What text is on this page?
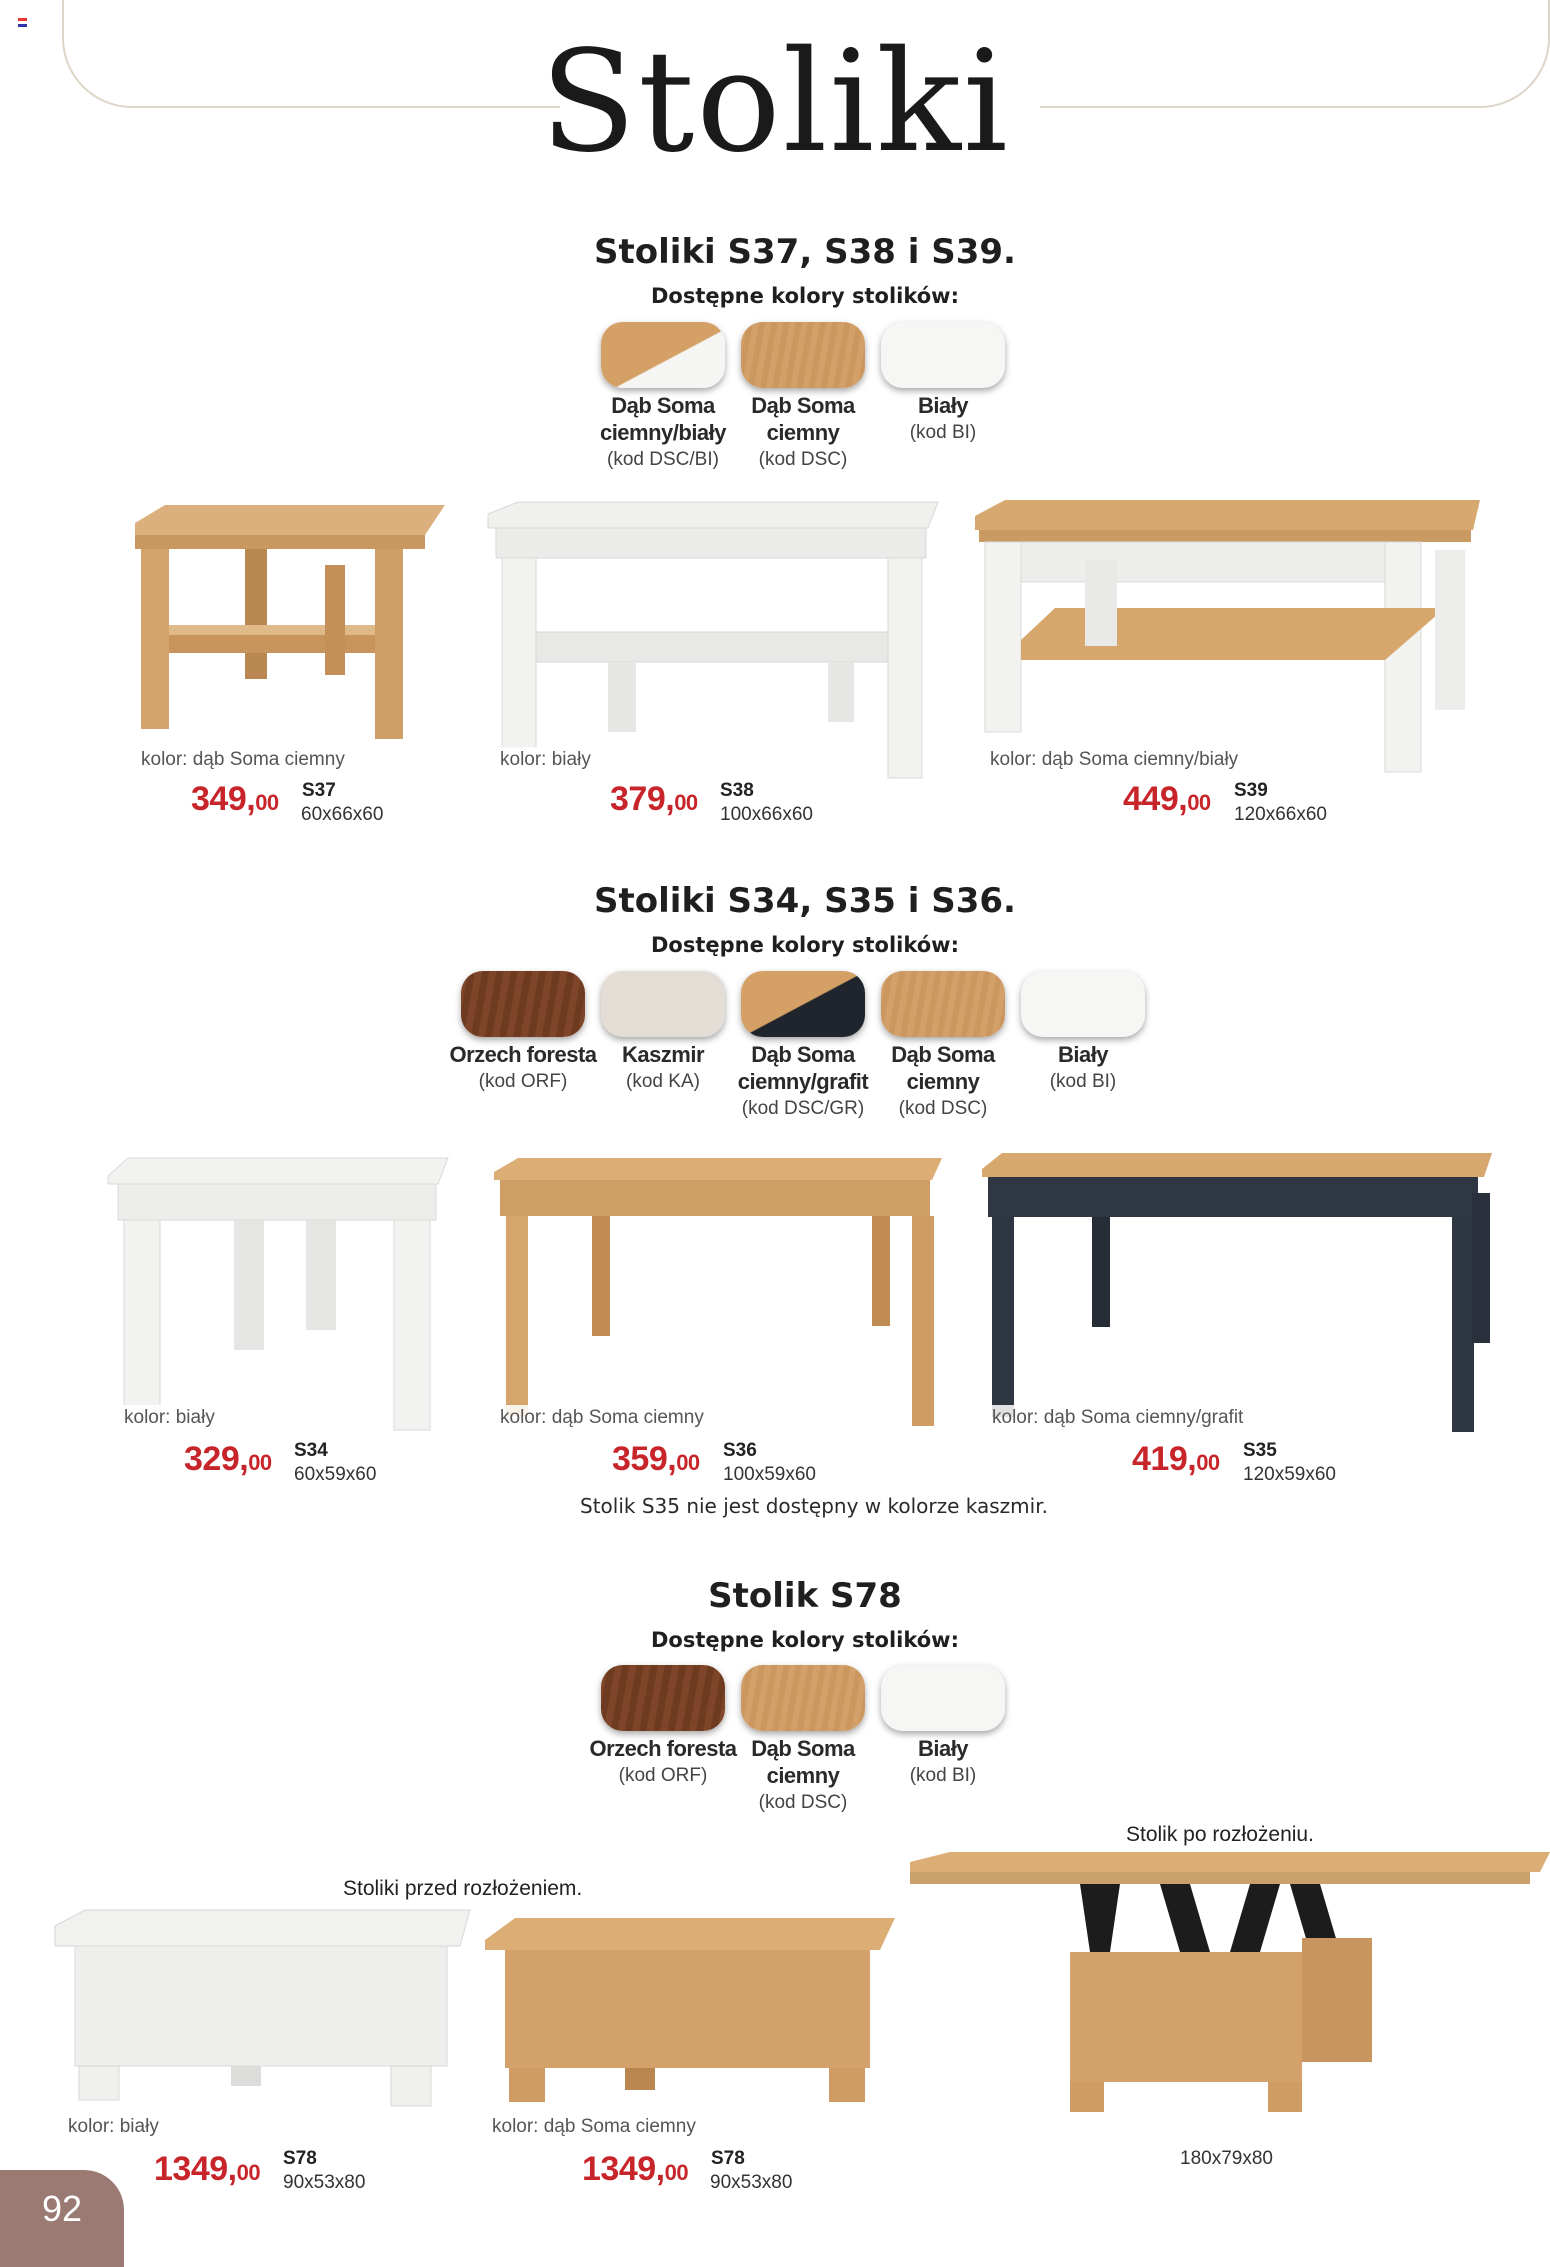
Stoliki
Stoliki S37, S38 i S39.
Dostępne kolory stolików:
Dąb Soma
ciemny/biały
(kod DSC/BI)
Dąb Soma
ciemny
(kod DSC)
Biały
(kod BI)
kolor: dąb Soma ciemny	kolor: biały	kolor: dąb Soma ciemny/biały
349,00 S37
60x66x60	379,00 S38
100x66x60	449,00 S39
120x66x60
Stoliki S34, S35 i S36.
Dostępne kolory stolików:
Orzech foresta
(kod ORF)
Kaszmir
(kod KA)
Dąb Soma
ciemny/grafit
(kod DSC/GR)
Dąb Soma
ciemny
(kod DSC)
Biały
(kod BI)
kolor: biały	kolor: dąb Soma ciemny	kolor: dąb Soma ciemny/grafit
329,00 S34
60x59x60	359,00 S36
100x59x60	419,00 S35
120x59x60
Stolik S35 nie jest dostępny w kolorze kaszmir.
Stolik S78
Dostępne kolory stolików:
Orzech foresta
(kod ORF)
Dąb Soma
ciemny
(kod DSC)
Biały
(kod BI)
Stolik po rozłożeniu.
Stoliki przed rozłożeniem.
kolor: biały	kolor: dąb Soma ciemny
1349,00
S78
90x53x80	1349,00
S78
90x53x80
180x79x80
92
